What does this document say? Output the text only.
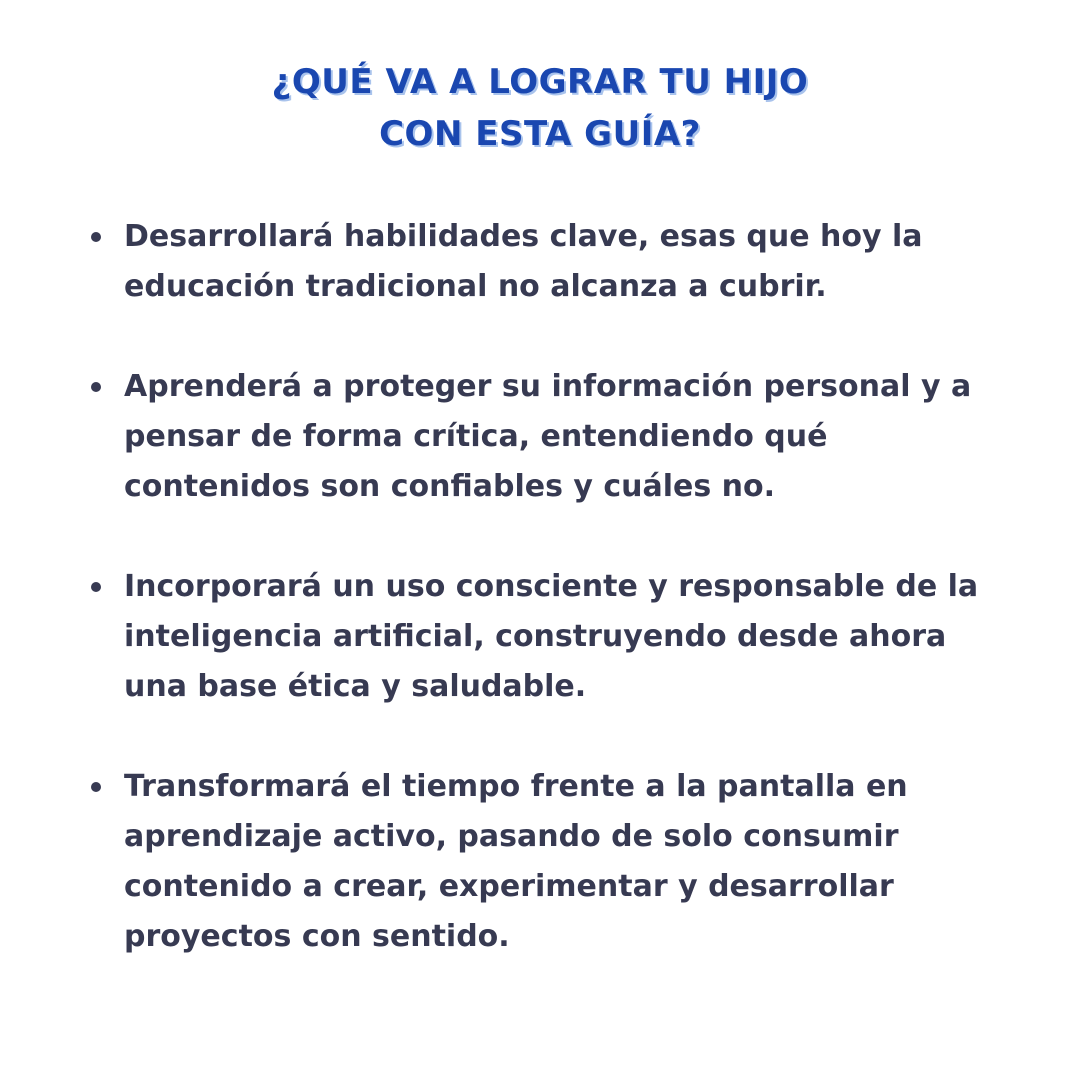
¿QUÉ VA A LOGRAR TU HIJO
CON ESTA GUÍA?
Desarrollará habilidades clave, esas que hoy la educación tradicional no alcanza a cubrir.
Aprenderá a proteger su información personal y a pensar de forma crítica, entendiendo qué contenidos son confiables y cuáles no.
Incorporará un uso consciente y responsable de la inteligencia artificial, construyendo desde ahora una base ética y saludable.
Transformará el tiempo frente a la pantalla en aprendizaje activo, pasando de solo consumir contenido a crear, experimentar y desarrollar proyectos con sentido.
